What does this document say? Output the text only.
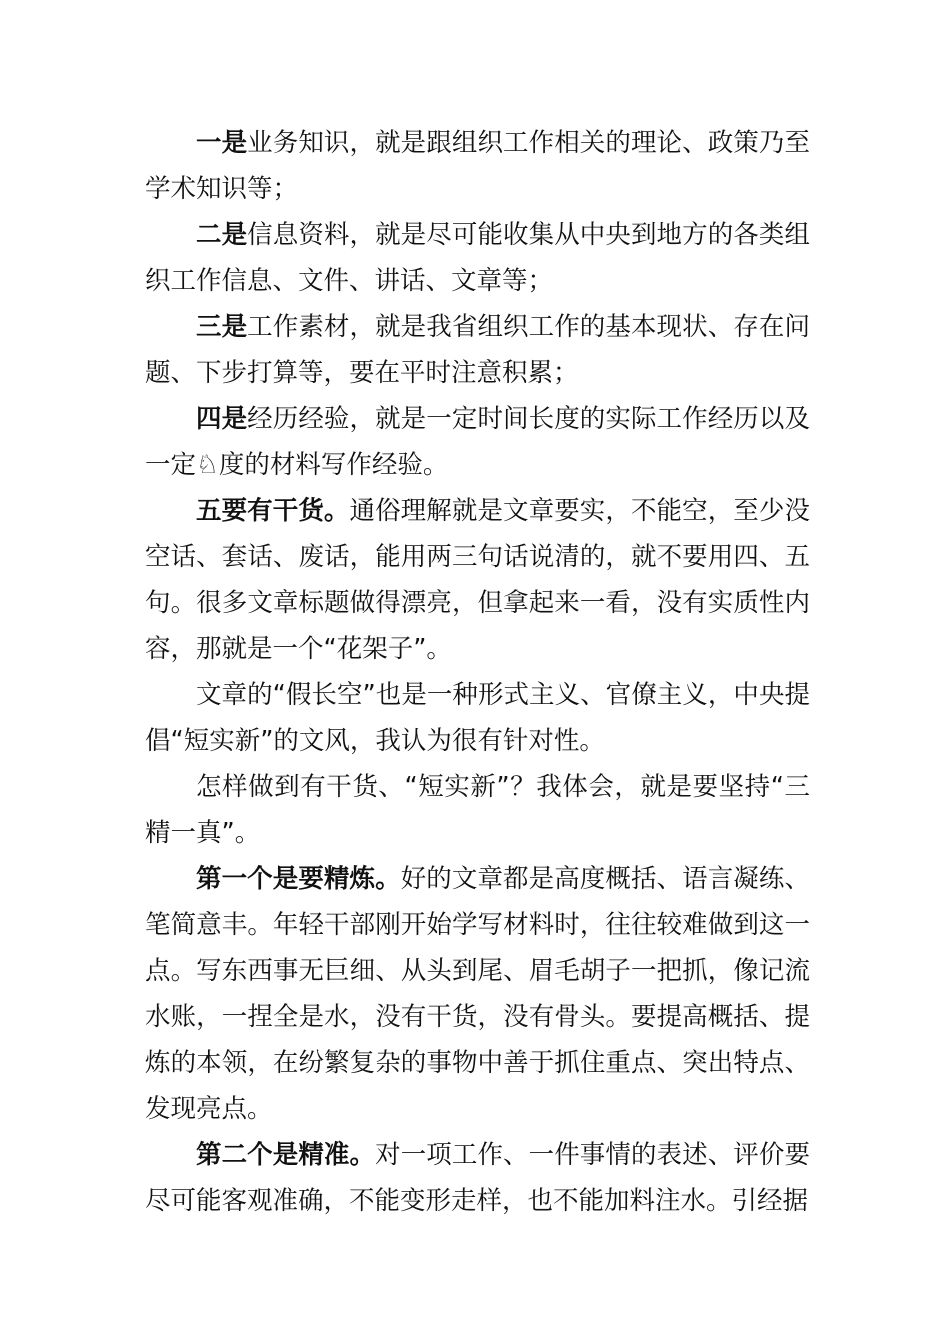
一是业务知识，就是跟组织工作相关的理论、政策乃至学术知识等；

二是信息资料，就是尽可能收集从中央到地方的各类组织工作信息、文件、讲话、文章等；

三是工作素材，就是我省组织工作的基本现状、存在问题、下步打算等，要在平时注意积累；

四是经历经验，就是一定时间长度的实际工作经历以及一定♘度的材料写作经验。

五要有干货。通俗理解就是文章要实，不能空，至少没空话、套话、废话，能用两三句话说清的，就不要用四、五句。很多文章标题做得漂亮，但拿起来一看，没有实质性内容，那就是一个“花架子”。

文章的“假长空”也是一种形式主义、官僚主义，中央提倡“短实新”的文风，我认为很有针对性。

怎样做到有干货、“短实新”？我体会，就是要坚持“三精一真”。

第一个是要精炼。好的文章都是高度概括、语言凝练、笔简意丰。年轻干部刚开始学写材料时，往往较难做到这一点。写东西事无巨细、从头到尾、眉毛胡子一把抓，像记流水账，一捏全是水，没有干货，没有骨头。要提高概括、提炼的本领，在纷繁复杂的事物中善于抓住重点、突出特点、发现亮点。

第二个是精准。对一项工作、一件事情的表述、评价要尽可能客观准确，不能变形走样，也不能加料注水。引经据
